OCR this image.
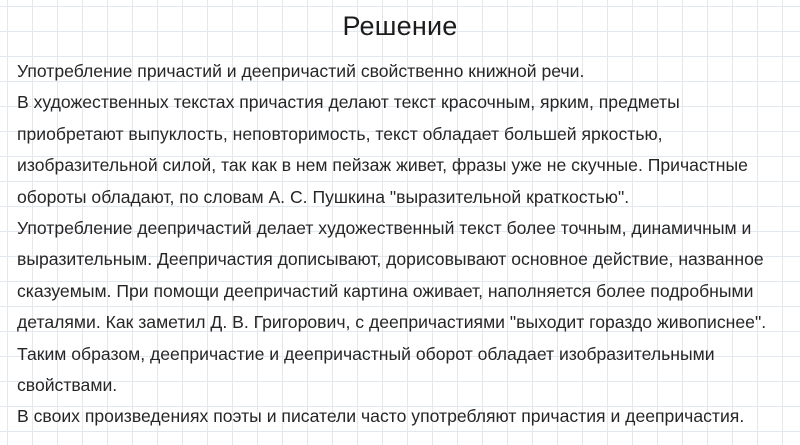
Решение
Употребление причастий и деепричастий свойственно книжной речи.
В художественных текстах причастия делают текст красочным, ярким, предметы
приобретают выпуклость, неповторимость, текст обладает большей яркостью,
изобразительной силой, так как в нем пейзаж живет, фразы уже не скучные. Причастные
обороты обладают, по словам А. С. Пушкина "выразительной краткостью".
Употребление деепричастий делает художественный текст более точным, динамичным и
выразительным. Деепричастия дописывают, дорисовывают основное действие, названное
сказуемым. При помощи деепричастий картина оживает, наполняется более подробными
деталями. Как заметил Д. В. Григорович, с деепричастиями "выходит гораздо живописнее".
Таким образом, деепричастие и деепричастный оборот обладает изобразительными
свойствами.
В своих произведениях поэты и писатели часто употребляют причастия и деепричастия.
